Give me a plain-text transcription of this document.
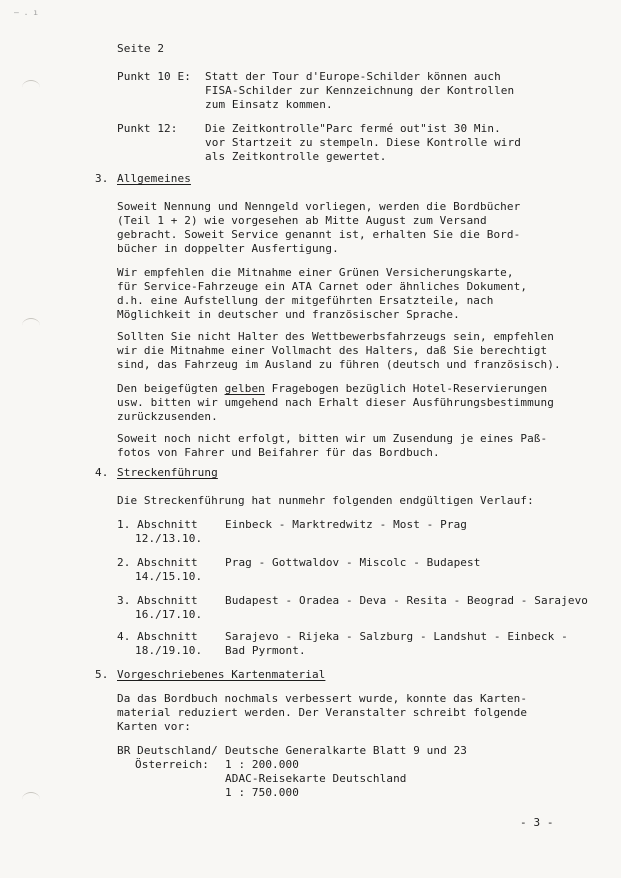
– . ı
Seite 2
Punkt 10 E: Statt der Tour d'Europe-Schilder können auch
FISA-Schilder zur Kennzeichnung der Kontrollen
zum Einsatz kommen.
Punkt 12: Die Zeitkontrolle"Parc fermé out"ist 30 Min.
vor Startzeit zu stempeln. Diese Kontrolle wird
als Zeitkontrolle gewertet.
3. Allgemeines
Soweit Nennung und Nenngeld vorliegen, werden die Bordbücher
(Teil 1 + 2) wie vorgesehen ab Mitte August zum Versand
gebracht. Soweit Service genannt ist, erhalten Sie die Bord-
bücher in doppelter Ausfertigung.
Wir empfehlen die Mitnahme einer Grünen Versicherungskarte,
für Service-Fahrzeuge ein ATA Carnet oder ähnliches Dokument,
d.h. eine Aufstellung der mitgeführten Ersatzteile, nach
Möglichkeit in deutscher und französischer Sprache.
Sollten Sie nicht Halter des Wettbewerbsfahrzeugs sein, empfehlen
wir die Mitnahme einer Vollmacht des Halters, daß Sie berechtigt
sind, das Fahrzeug im Ausland zu führen (deutsch und französisch).
Den beigefügten gelben Fragebogen bezüglich Hotel-Reservierungen
usw. bitten wir umgehend nach Erhalt dieser Ausführungsbestimmung
zurückzusenden.
Soweit noch nicht erfolgt, bitten wir um Zusendung je eines Paß-
fotos von Fahrer und Beifahrer für das Bordbuch.
4. Streckenführung
Die Streckenführung hat nunmehr folgenden endgültigen Verlauf:
1. Abschnitt
12./13.10.
Einbeck - Marktredwitz - Most - Prag
2. Abschnitt
14./15.10.
Prag - Gottwaldov - Miscolc - Budapest
3. Abschnitt
16./17.10.
Budapest - Oradea - Deva - Resita - Beograd - Sarajevo
4. Abschnitt
18./19.10.
Sarajevo - Rijeka - Salzburg - Landshut - Einbeck -
Bad Pyrmont.
5. Vorgeschriebenes Kartenmaterial
Da das Bordbuch nochmals verbessert wurde, konnte das Karten-
material reduziert werden. Der Veranstalter schreibt folgende
Karten vor:
BR Deutschland/
Österreich:
Deutsche Generalkarte Blatt 9 und 23
1 : 200.000
ADAC-Reisekarte Deutschland
1 : 750.000
- 3 -
